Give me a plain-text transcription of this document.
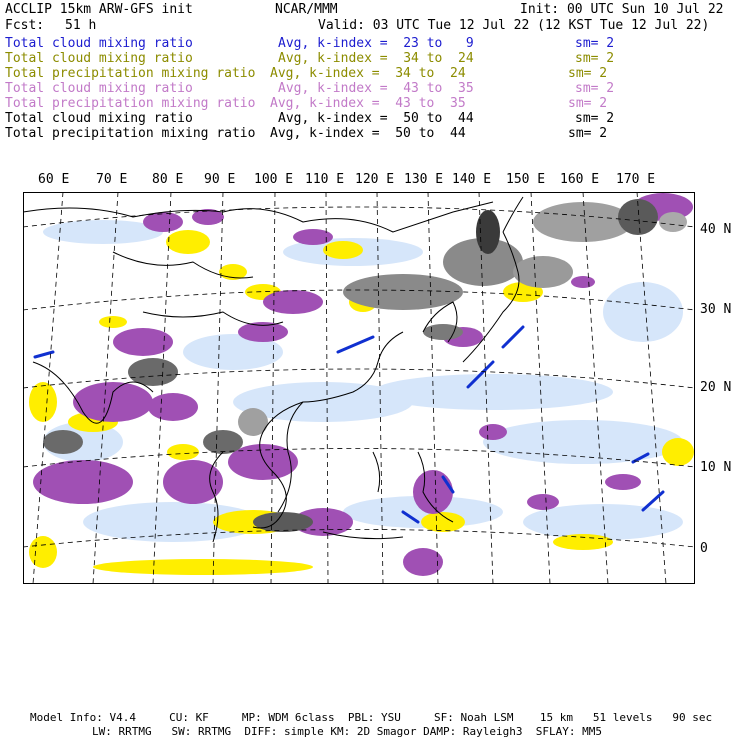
ACCLIP 15km ARW-GFS init	NCAR/MMM	Init: 00 UTC Sun 10 Jul 22
Fcst: 51 h	Valid: 03 UTC Tue 12 Jul 22 (12 KST Tue 12 Jul 22)
Total cloud mixing ratio	Avg, k-index =  23 to   9	sm= 2
Total cloud mixing ratio	Avg, k-index =  34 to  24	sm= 2
Total precipitation mixing ratio Avg, k-index =  34 to  24	sm= 2
Total cloud mixing ratio	Avg, k-index =  43 to  35	sm= 2
Total precipitation mixing ratio Avg, k-index =  43 to  35	sm= 2
Total cloud mixing ratio	Avg, k-index =  50 to  44	sm= 2
Total precipitation mixing ratio Avg, k-index =  50 to  44	sm= 2
60 E 70 E 80 E 90 E 100 E 110 E 120 E 130 E 140 E 150 E 160 E 170 E
40 N
30 N
20 N
10 N
0
Model Info: V4.4     CU: KF     MP: WDM 6class  PBL: YSU     SF: Noah LSM    15 km   51 levels   90 sec
LW: RRTMG   SW: RRTMG  DIFF: simple KM: 2D Smagor DAMP: Rayleigh3  SFLAY: MM5
